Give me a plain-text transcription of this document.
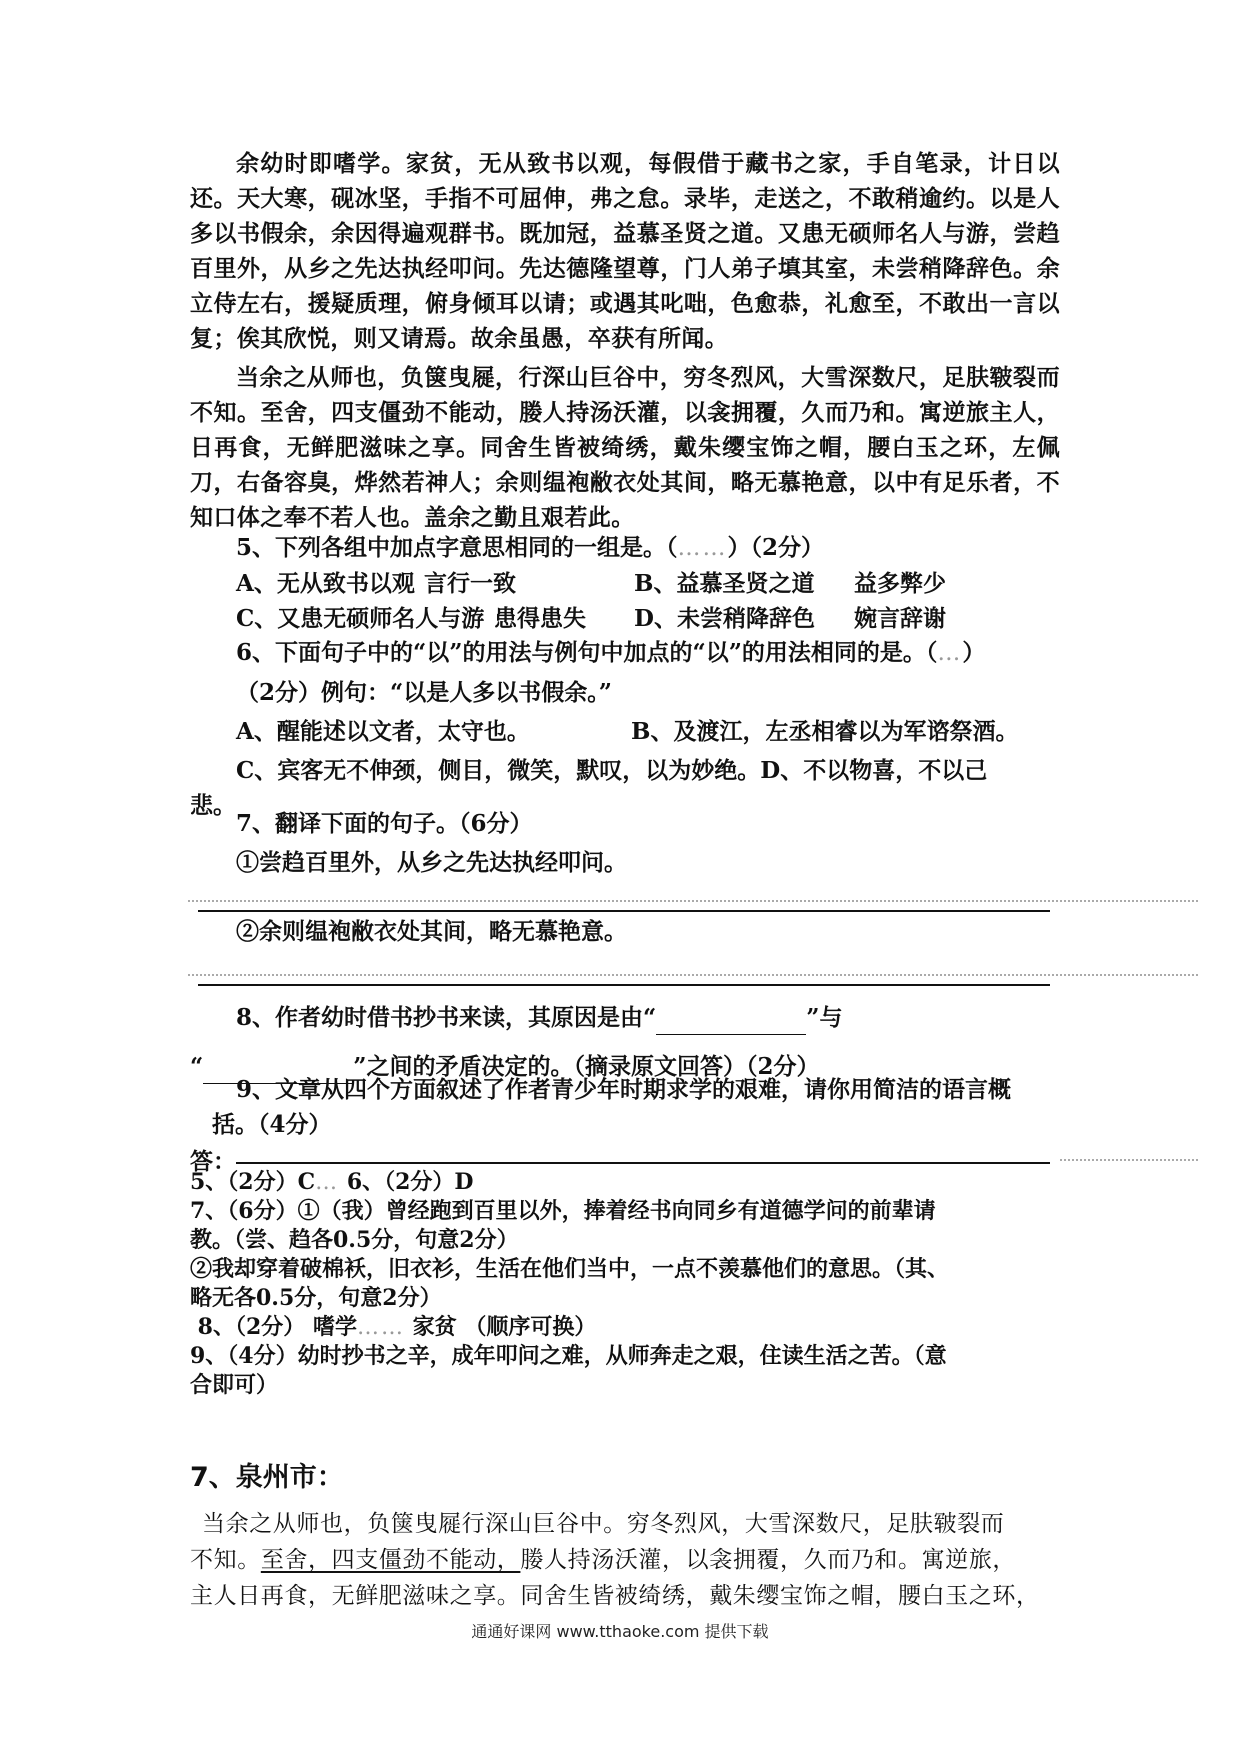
余幼时即嗜学。家贫，无从致书以观，每假借于藏书之家，手自笔录，计日以还。天大寒，砚冰坚，手指不可屈伸，弗之怠。录毕，走送之，不敢稍逾约。以是人多以书假余，余因得遍观群书。既加冠，益慕圣贤之道。又患无硕师名人与游，尝趋百里外，从乡之先达执经叩问。先达德隆望尊，门人弟子填其室，未尝稍降辞色。余立侍左右，援疑质理，俯身倾耳以请；或遇其叱咄，色愈恭，礼愈至，不敢出一言以复；俟其欣悦，则又请焉。故余虽愚，卒获有所闻。

当余之从师也，负箧曳屣，行深山巨谷中，穷冬烈风，大雪深数尺，足肤皲裂而不知。至舍，四支僵劲不能动，媵人持汤沃灌，以衾拥覆，久而乃和。寓逆旅主人，日再食，无鲜肥滋味之享。同舍生皆被绮绣，戴朱缨宝饰之帽，腰白玉之环，左佩刀，右备容臭，烨然若神人；余则缊袍敝衣处其间，略无慕艳意，以中有足乐者，不知口体之奉不若人也。盖余之勤且艰若此。

5、下列各组中加点字意思相同的一组是。（……）（2分）

A、无从致书以观 言行一致	B、益慕圣贤之道 益多弊少

C、又患无硕师名人与游 患得患失 D、未尝稍降辞色 婉言辞谢

6、下面句子中的“以”的用法与例句中加点的“以”的用法相同的是。（…）

（2分）例句：“以是人多以书假余。”

A、醒能述以文者，太守也。	B、及渡江，左丞相睿以为军谘祭酒。

C、宾客无不伸颈，侧目，微笑，默叹，以为妙绝。D、不以物喜，不以己

悲。

7、翻译下面的句子。（6分）

①尝趋百里外，从乡之先达执经叩问。

②余则缊袍敝衣处其间，略无慕艳意。

8、作者幼时借书抄书来读，其原因是由“	”与

“	”之间的矛盾决定的。（摘录原文回答）（2分）

9、文章从四个方面叙述了作者青少年时期求学的艰难，请你用简洁的语言概

括。（4分）

答：

5、（2分）C… 6、（2分）D

7、（6分）①（我）曾经跑到百里以外，捧着经书向同乡有道德学问的前辈请

教。（尝、趋各0.5分，句意2分）

②我却穿着破棉袄，旧衣衫，生活在他们当中，一点不羡慕他们的意思。（其、

略无各0.5分，句意2分）

8、（2分） 嗜学…… 家贫 （顺序可换）

9、（4分）幼时抄书之辛，成年叩问之难，从师奔走之艰，住读生活之苦。（意

合即可）

7、泉州市：

当余之从师也，负箧曳屣行深山巨谷中。穷冬烈风，大雪深数尺，足肤皲裂而

不知。至舍，四支僵劲不能动，媵人持汤沃灌，以衾拥覆，久而乃和。寓逆旅，

主人日再食，无鲜肥滋味之享。同舍生皆被绮绣，戴朱缨宝饰之帽，腰白玉之环，

通通好课网 www.tthaoke.com 提供下载
